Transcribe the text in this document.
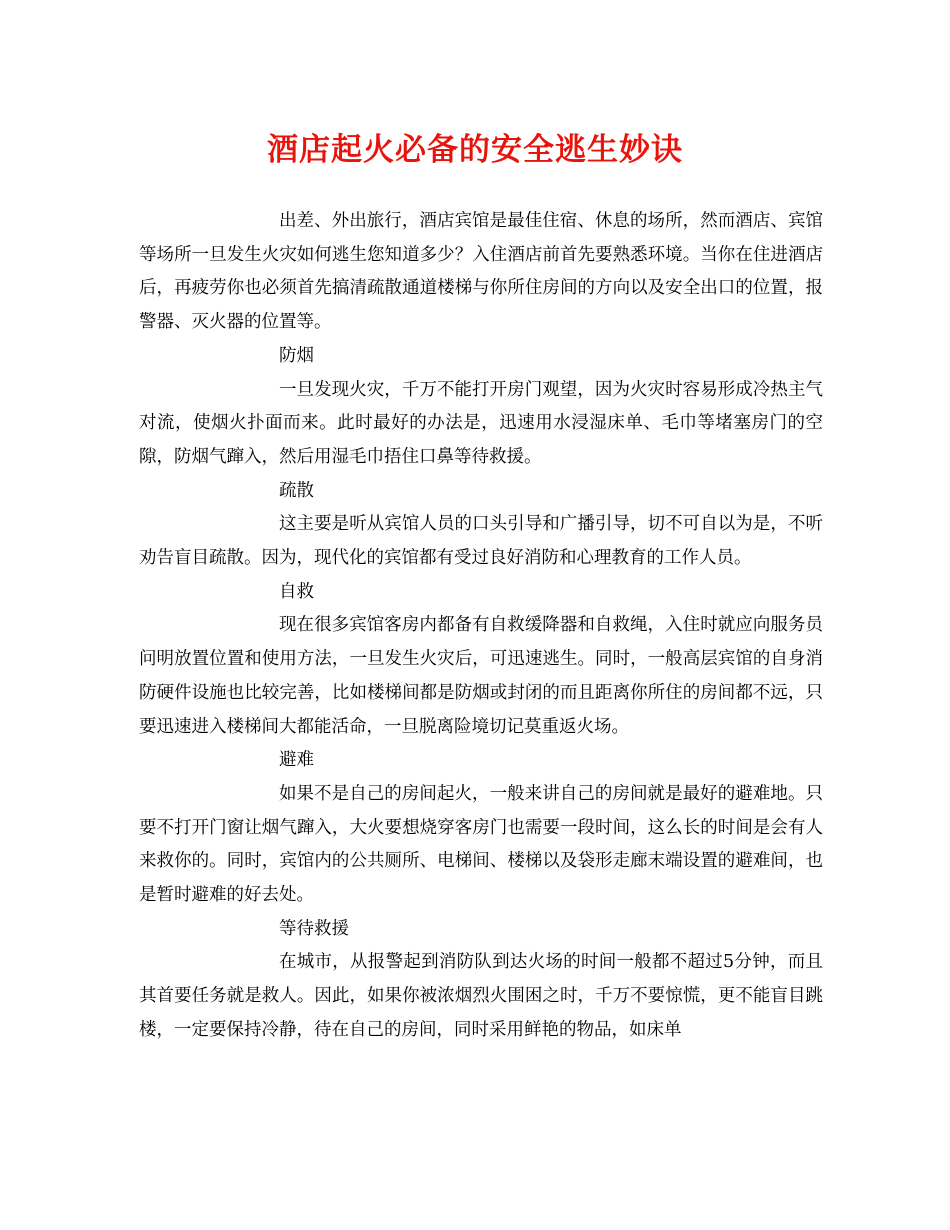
酒店起火必备的安全逃生妙诀

出差、外出旅行，酒店宾馆是最佳住宿、休息的场所，然而酒店、宾馆等场所一旦发生火灾如何逃生您知道多少？入住酒店前首先要熟悉环境。当你在住进酒店后，再疲劳你也必须首先搞清疏散通道楼梯与你所住房间的方向以及安全出口的位置，报警器、灭火器的位置等。

防烟

一旦发现火灾，千万不能打开房门观望，因为火灾时容易形成冷热主气对流，使烟火扑面而来。此时最好的办法是，迅速用水浸湿床单、毛巾等堵塞房门的空隙，防烟气蹿入，然后用湿毛巾捂住口鼻等待救援。

疏散

这主要是听从宾馆人员的口头引导和广播引导，切不可自以为是，不听劝告盲目疏散。因为，现代化的宾馆都有受过良好消防和心理教育的工作人员。

自救

现在很多宾馆客房内都备有自救缓降器和自救绳，入住时就应向服务员问明放置位置和使用方法，一旦发生火灾后，可迅速逃生。同时，一般高层宾馆的自身消防硬件设施也比较完善，比如楼梯间都是防烟或封闭的而且距离你所住的房间都不远，只要迅速进入楼梯间大都能活命，一旦脱离险境切记莫重返火场。

避难

如果不是自己的房间起火，一般来讲自己的房间就是最好的避难地。只要不打开门窗让烟气蹿入，大火要想烧穿客房门也需要一段时间，这么长的时间是会有人来救你的。同时，宾馆内的公共厕所、电梯间、楼梯以及袋形走廊末端设置的避难间，也是暂时避难的好去处。

等待救援

在城市，从报警起到消防队到达火场的时间一般都不超过5分钟，而且其首要任务就是救人。因此，如果你被浓烟烈火围困之时，千万不要惊慌，更不能盲目跳楼，一定要保持冷静，待在自己的房间，同时采用鲜艳的物品，如床单
